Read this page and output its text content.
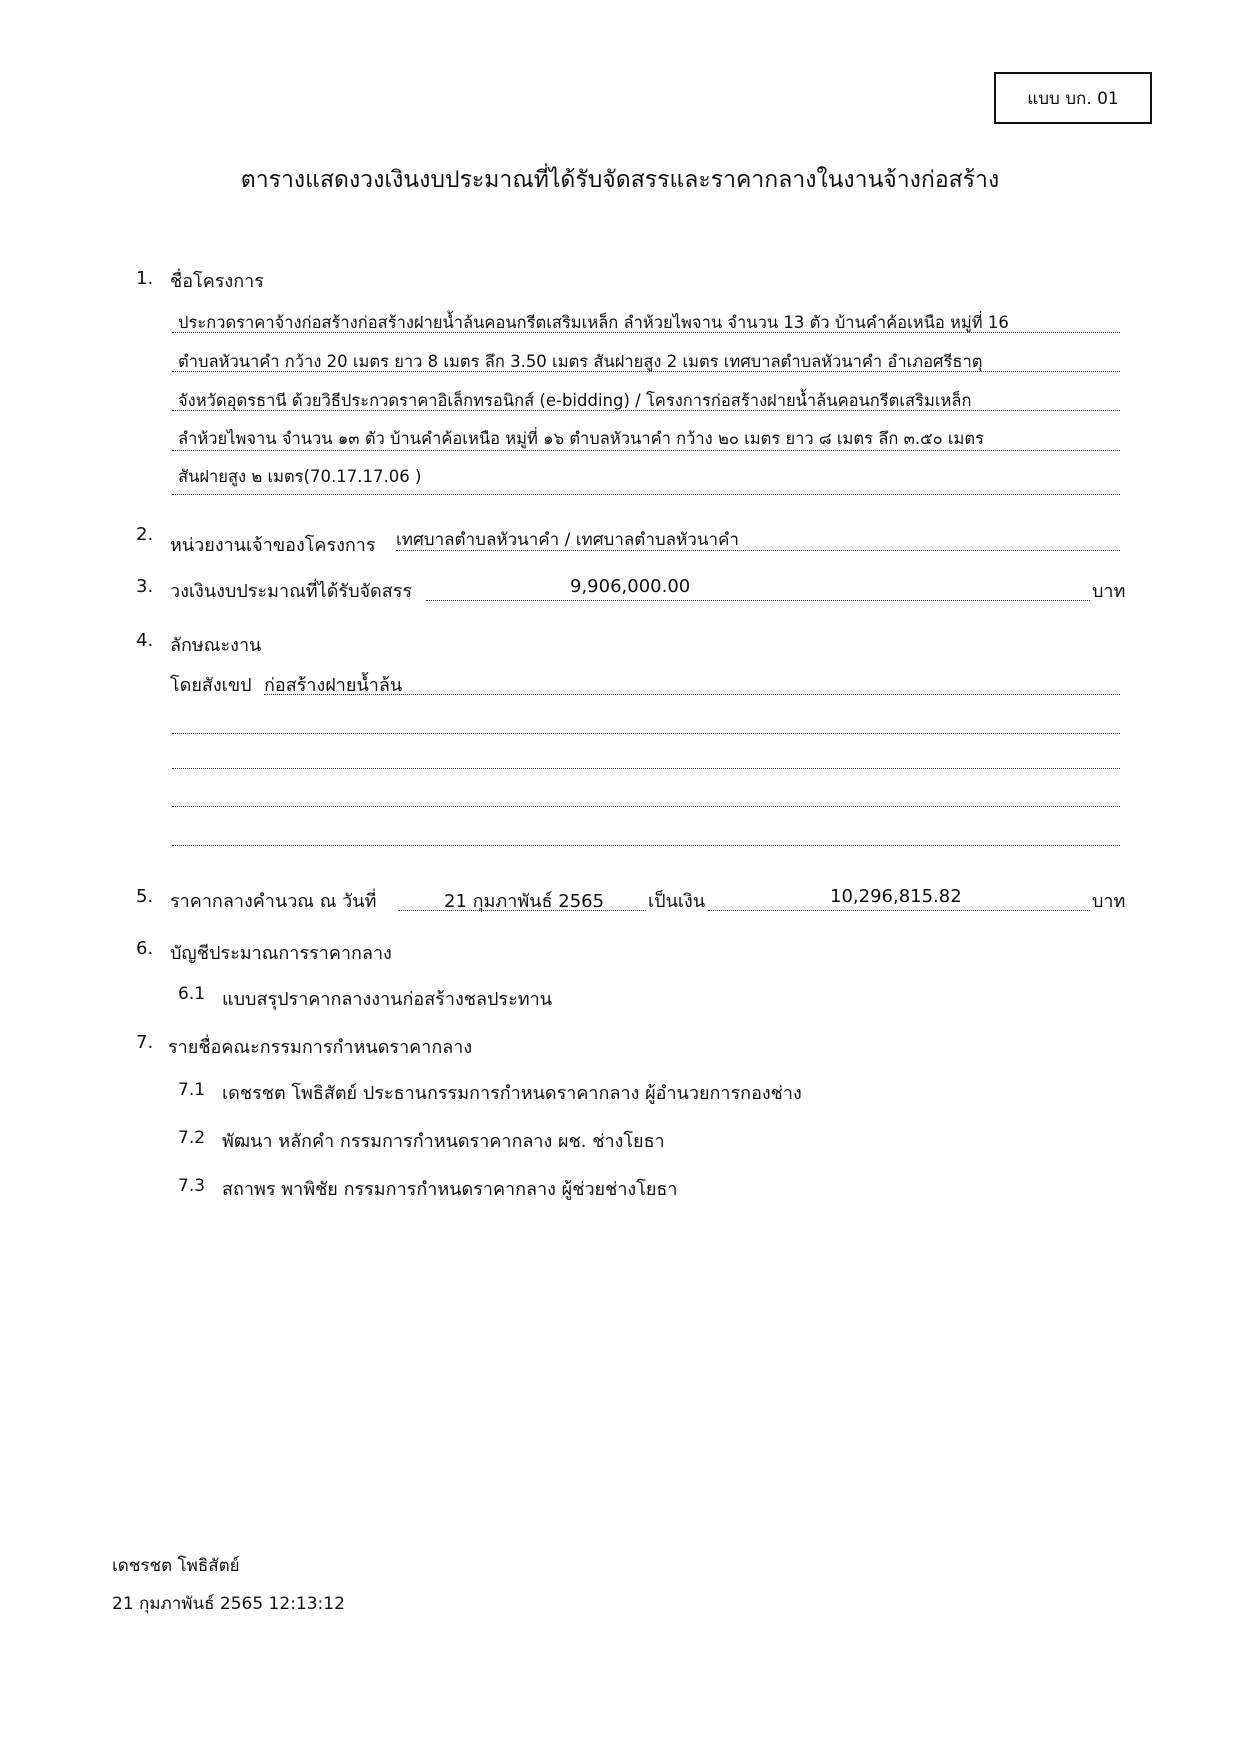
แบบ บก. 01
ตารางแสดงวงเงินงบประมาณที่ได้รับจัดสรรและราคากลางในงานจ้างก่อสร้าง
1. ชื่อโครงการ
ประกวดราคาจ้างก่อสร้างก่อสร้างฝายน้ำล้นคอนกรีตเสริมเหล็ก ลำห้วยไพจาน จำนวน 13 ตัว บ้านคำค้อเหนือ หมู่ที่ 16
ตำบลหัวนาคำ กว้าง 20 เมตร ยาว 8 เมตร ลึก 3.50 เมตร สันฝายสูง 2 เมตร เทศบาลตำบลหัวนาคำ อำเภอศรีธาตุ
จังหวัดอุดรธานี ด้วยวิธีประกวดราคาอิเล็กทรอนิกส์ (e-bidding) / โครงการก่อสร้างฝายน้ำล้นคอนกรีตเสริมเหล็ก
ลำห้วยไพจาน จำนวน ๑๓ ตัว บ้านคำค้อเหนือ หมู่ที่ ๑๖ ตำบลหัวนาคำ กว้าง ๒๐ เมตร ยาว ๘ เมตร ลึก ๓.๕๐ เมตร
สันฝายสูง ๒ เมตร(70.17.17.06 )
2.
หน่วยงานเจ้าของโครงการ เทศบาลตำบลหัวนาคำ / เทศบาลตำบลหัวนาคำ
3. วงเงินงบประมาณที่ได้รับจัดสรร	9,906,000.00	บาท
4. ลักษณะงาน
โดยสังเขป ก่อสร้างฝายน้ำล้น
5. ราคากลางคำนวณ ณ วันที่	21 กุมภาพันธ์ 2565 เป็นเงิน	10,296,815.82	บาท
6. บัญชีประมาณการราคากลาง
6.1 แบบสรุปราคากลางงานก่อสร้างชลประทาน
7. รายชื่อคณะกรรมการกำหนดราคากลาง
7.1 เดชรชต โพธิสัตย์ ประธานกรรมการกำหนดราคากลาง ผู้อำนวยการกองช่าง
7.2 พัฒนา หลักคำ กรรมการกำหนดราคากลาง ผช. ช่างโยธา
7.3 สถาพร พาพิชัย กรรมการกำหนดราคากลาง ผู้ช่วยช่างโยธา
เดชรชต โพธิสัตย์
21 กุมภาพันธ์ 2565 12:13:12
